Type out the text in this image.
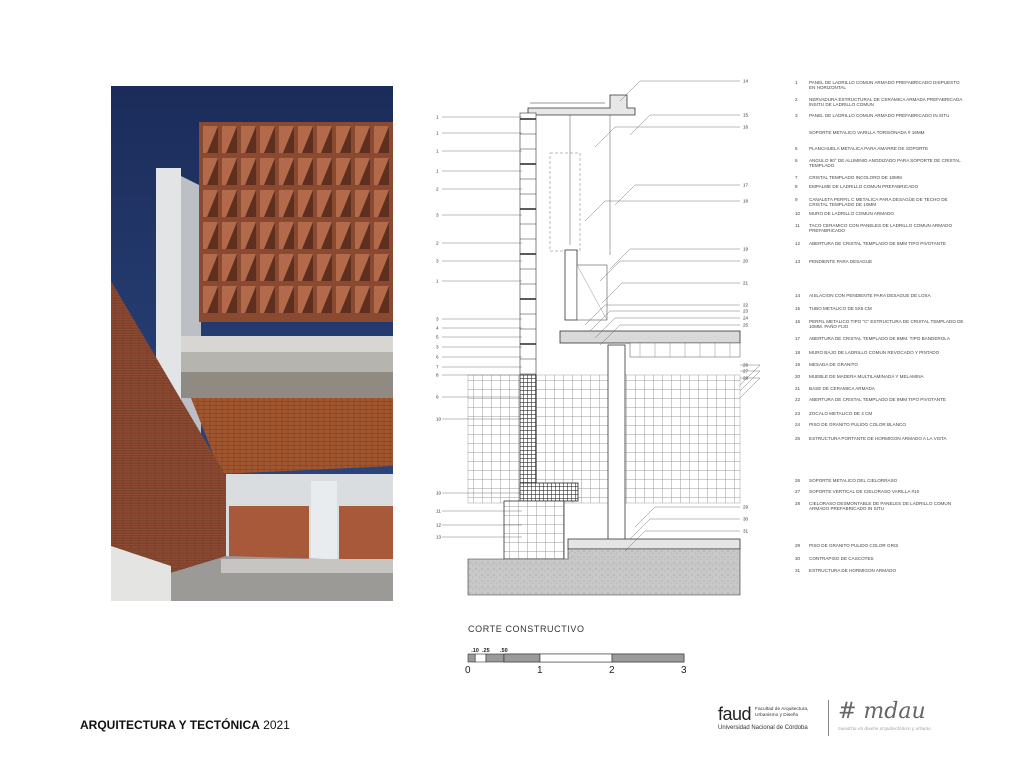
1
1
1
1
2
3
2
3
1
3
4
5
3
6
7
8
9
10
10
11
12
13
14
15
16
17
18
19
20
21
22
23
24
25
26
27
28
29
30
31
1	PANEL DE LADRILLO COMUN ARMADO PREFABRICADO DISPUESTO EN HORIZONTAL
2	NERVADURA ESTRUCTURAL DE CERÁMICA ARMADA PREFABRICADA INSITU DE LADRILLO COMUN
3	PANEL DE LADRILLO COMUN ARMADO PREFABRICADO IN SITU
SOPORTE METALICO VARILLA TORSIONADA # 16MM
5	PLANCHUELA METALICA PARA AMARRE DE SOPORTE
6	ANGULO 90° DE ALUMINIO ANODIZADO PARA SOPORTE DE CRISTAL TEMPLADO
7	CRISTAL TEMPLADO INCOLORO DE 10MM
8	EMPALME DE LADRILLO COMUN PREFABRICADO
9	CANALETA PERFIL C METALICA PARA DESAGÜE DE TECHO DE CRISTAL TEMPLADO DE 10MM
10	MURO DE LADRILLO COMUN ARMADO
11	TACO CERAMICO CON PANELES DE LADRILLO COMUN ARMADO PREFABRICADO
12	ABERTURA DE CRISTAL TEMPLADO DE 8MM TIPO PIVOTANTE
13	PENDIENTE PARA DESAGUE
14	AISLACION CON PENDIENTE PARA DESAGUE DE LOSA
15	TUBO METALICO DE 5X5 CM
16	PERFIL METALICO TIPO "C" ESTRUCTURA DE CRISTAL TEMPLADO DE 10MM. PAÑO FIJO
17	ABERTURA DE CRISTAL TEMPLADO DE 8MM. TIPO BANDEROLA
18	MURO BAJO DE LADRILLO COMUN REVOCADO Y PINTADO
19	MESADA DE GRANITO
20	MUEBLE DE MADERA MULTILAMINADA Y MELAMINA
21	BASE DE CERAMICA ARMADA
22	ABERTURA DE CRISTAL TEMPLADO DE 8MM TIPO PIVOTANTE
23	ZOCALO METALICO DE 4 CM
24	PISO DE GRANITO PULIDO COLOR BLANCO
25	ESTRUCTURA PORTANTE DE HORMIGON ARMADO A LA VISTA
26	SOPORTE METALICO DEL CIELORRASO
27	SOPORTE VERTICAL DE CIELORASO VARILLA #10
28	CIELORASO DESMONTABLE DE PANELES DE LADRILLO COMUN ARMADO PREFABRICADO IN SITU
29	PISO DE GRANITO PULIDO COLOR GRIS
30	CONTRAPISO DE CASCOTES
31	ESTRUCTURA DE HORMIGON ARMADO
CORTE CONSTRUCTIVO
.10 .25 .50
0	1	2	3
ARQUITECTURA Y TECTÓNICA 2021
faud Facultad de Arquitectura,
Urbanismo y Diseño
Universidad Nacional de Córdoba
# mdau
maestría en diseño arquitectónico y urbano
